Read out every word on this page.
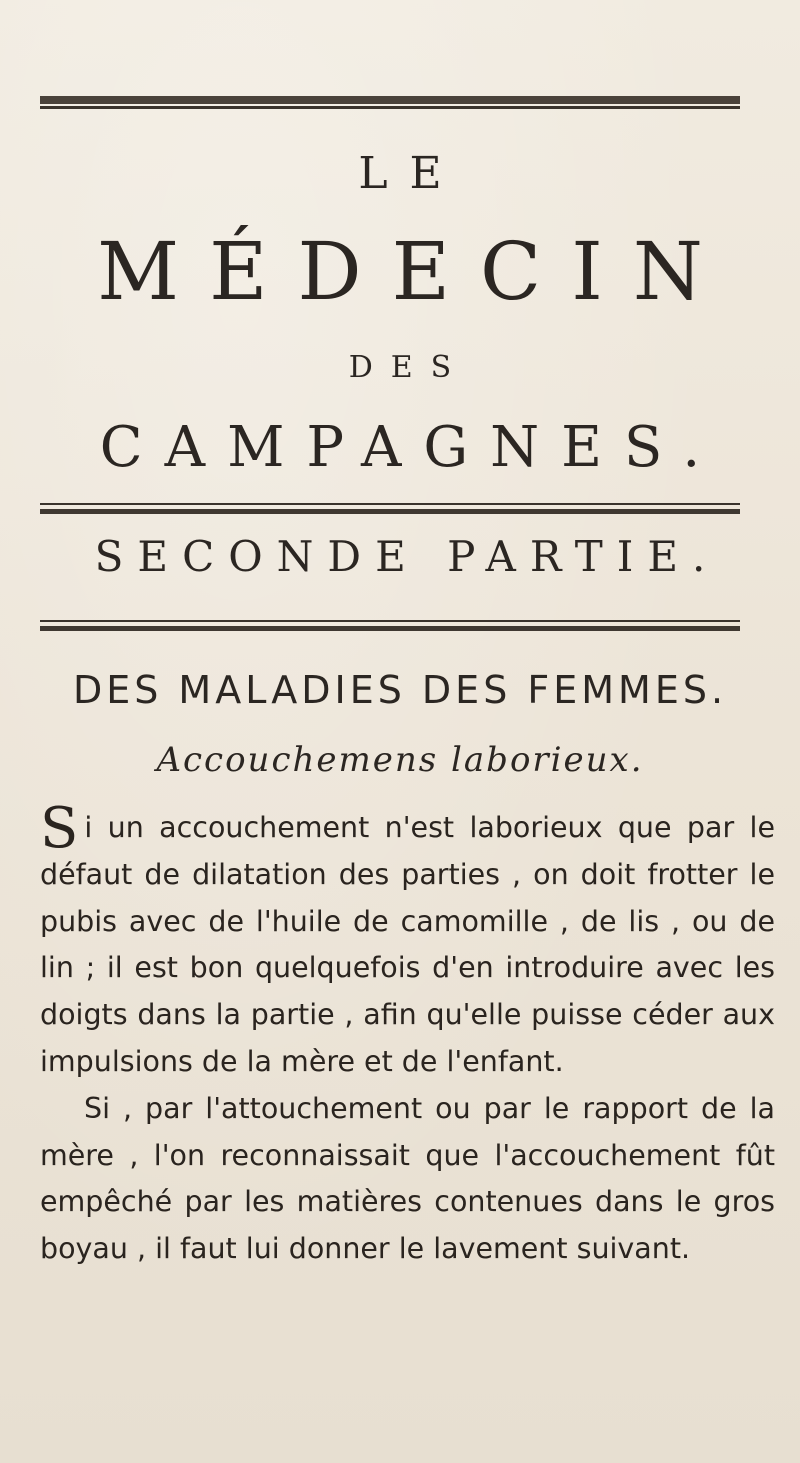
LE
MÉDECIN
DES
CAMPAGNES.
SECONDE PARTIE.
DES MALADIES DES FEMMES.
Accouchemens laborieux.

Si un accouchement n'est laborieux que par le défaut de dilatation des parties , on doit frotter le pubis avec de l'huile de camomille , de lis , ou de lin ; il est bon quelquefois d'en introduire avec les doigts dans la partie , afin qu'elle puisse céder aux impulsions de la mère et de l'enfant.

Si , par l'attouchement ou par le rapport de la mère , l'on reconnaissait que l'accouchement fût empêché par les matières contenues dans le gros boyau , il faut lui donner le lavement suivant.
